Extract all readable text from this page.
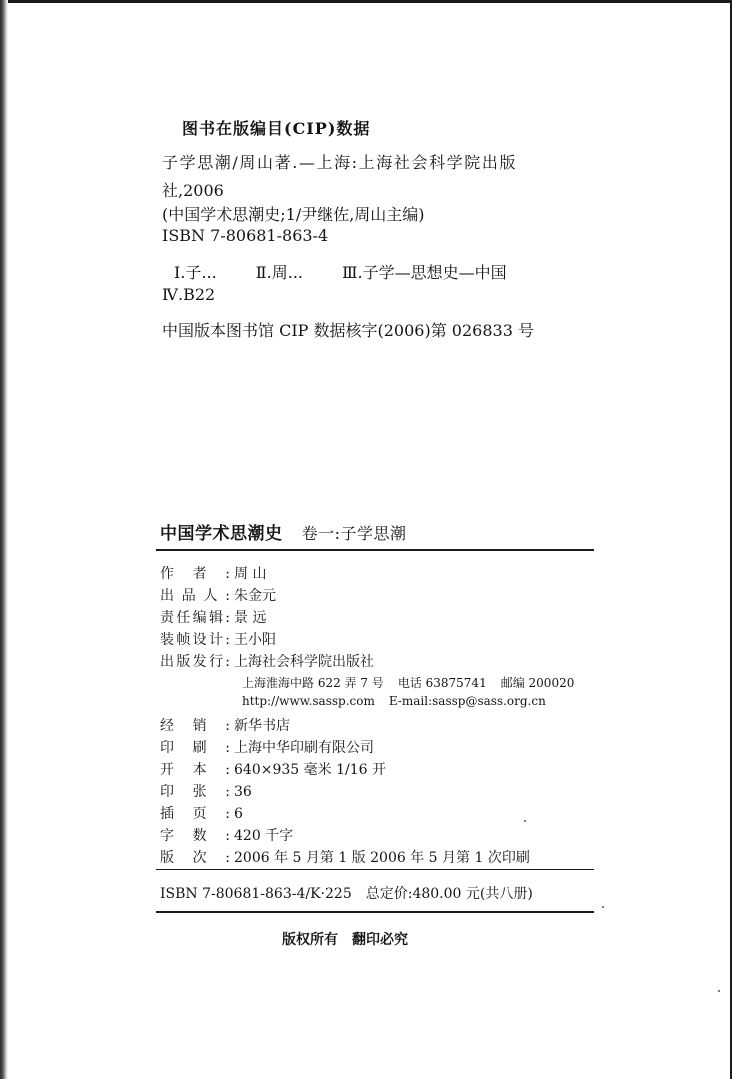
图书在版编目(CIP)数据
子学思潮/周山著.—上海:上海社会科学院出版
社,2006
(中国学术思潮史;1/尹继佐,周山主编)
ISBN 7-80681-863-4
Ⅰ.子... Ⅱ.周... Ⅲ.子学—思想史—中国
Ⅳ.B22
中国版本图书馆 CIP 数据核字(2006)第 026833 号
中国学术思潮史 卷一:子学思潮
作者: 周 山
出品人: 朱金元
责任编辑: 景 远
装帧设计: 王小阳
出版发行: 上海社会科学院出版社
上海淮海中路 622 弄 7 号 电话 63875741 邮编 200020
http://www.sassp.com E-mail:sassp@sass.org.cn
经销: 新华书店
印刷: 上海中华印刷有限公司
开本: 640×935 毫米 1/16 开
印张: 36
插页: 6
字数: 420 千字
版次: 2006 年 5 月第 1 版 2006 年 5 月第 1 次印刷
ISBN 7-80681-863-4/K·225 总定价:480.00 元(共八册)
版权所有 翻印必究
